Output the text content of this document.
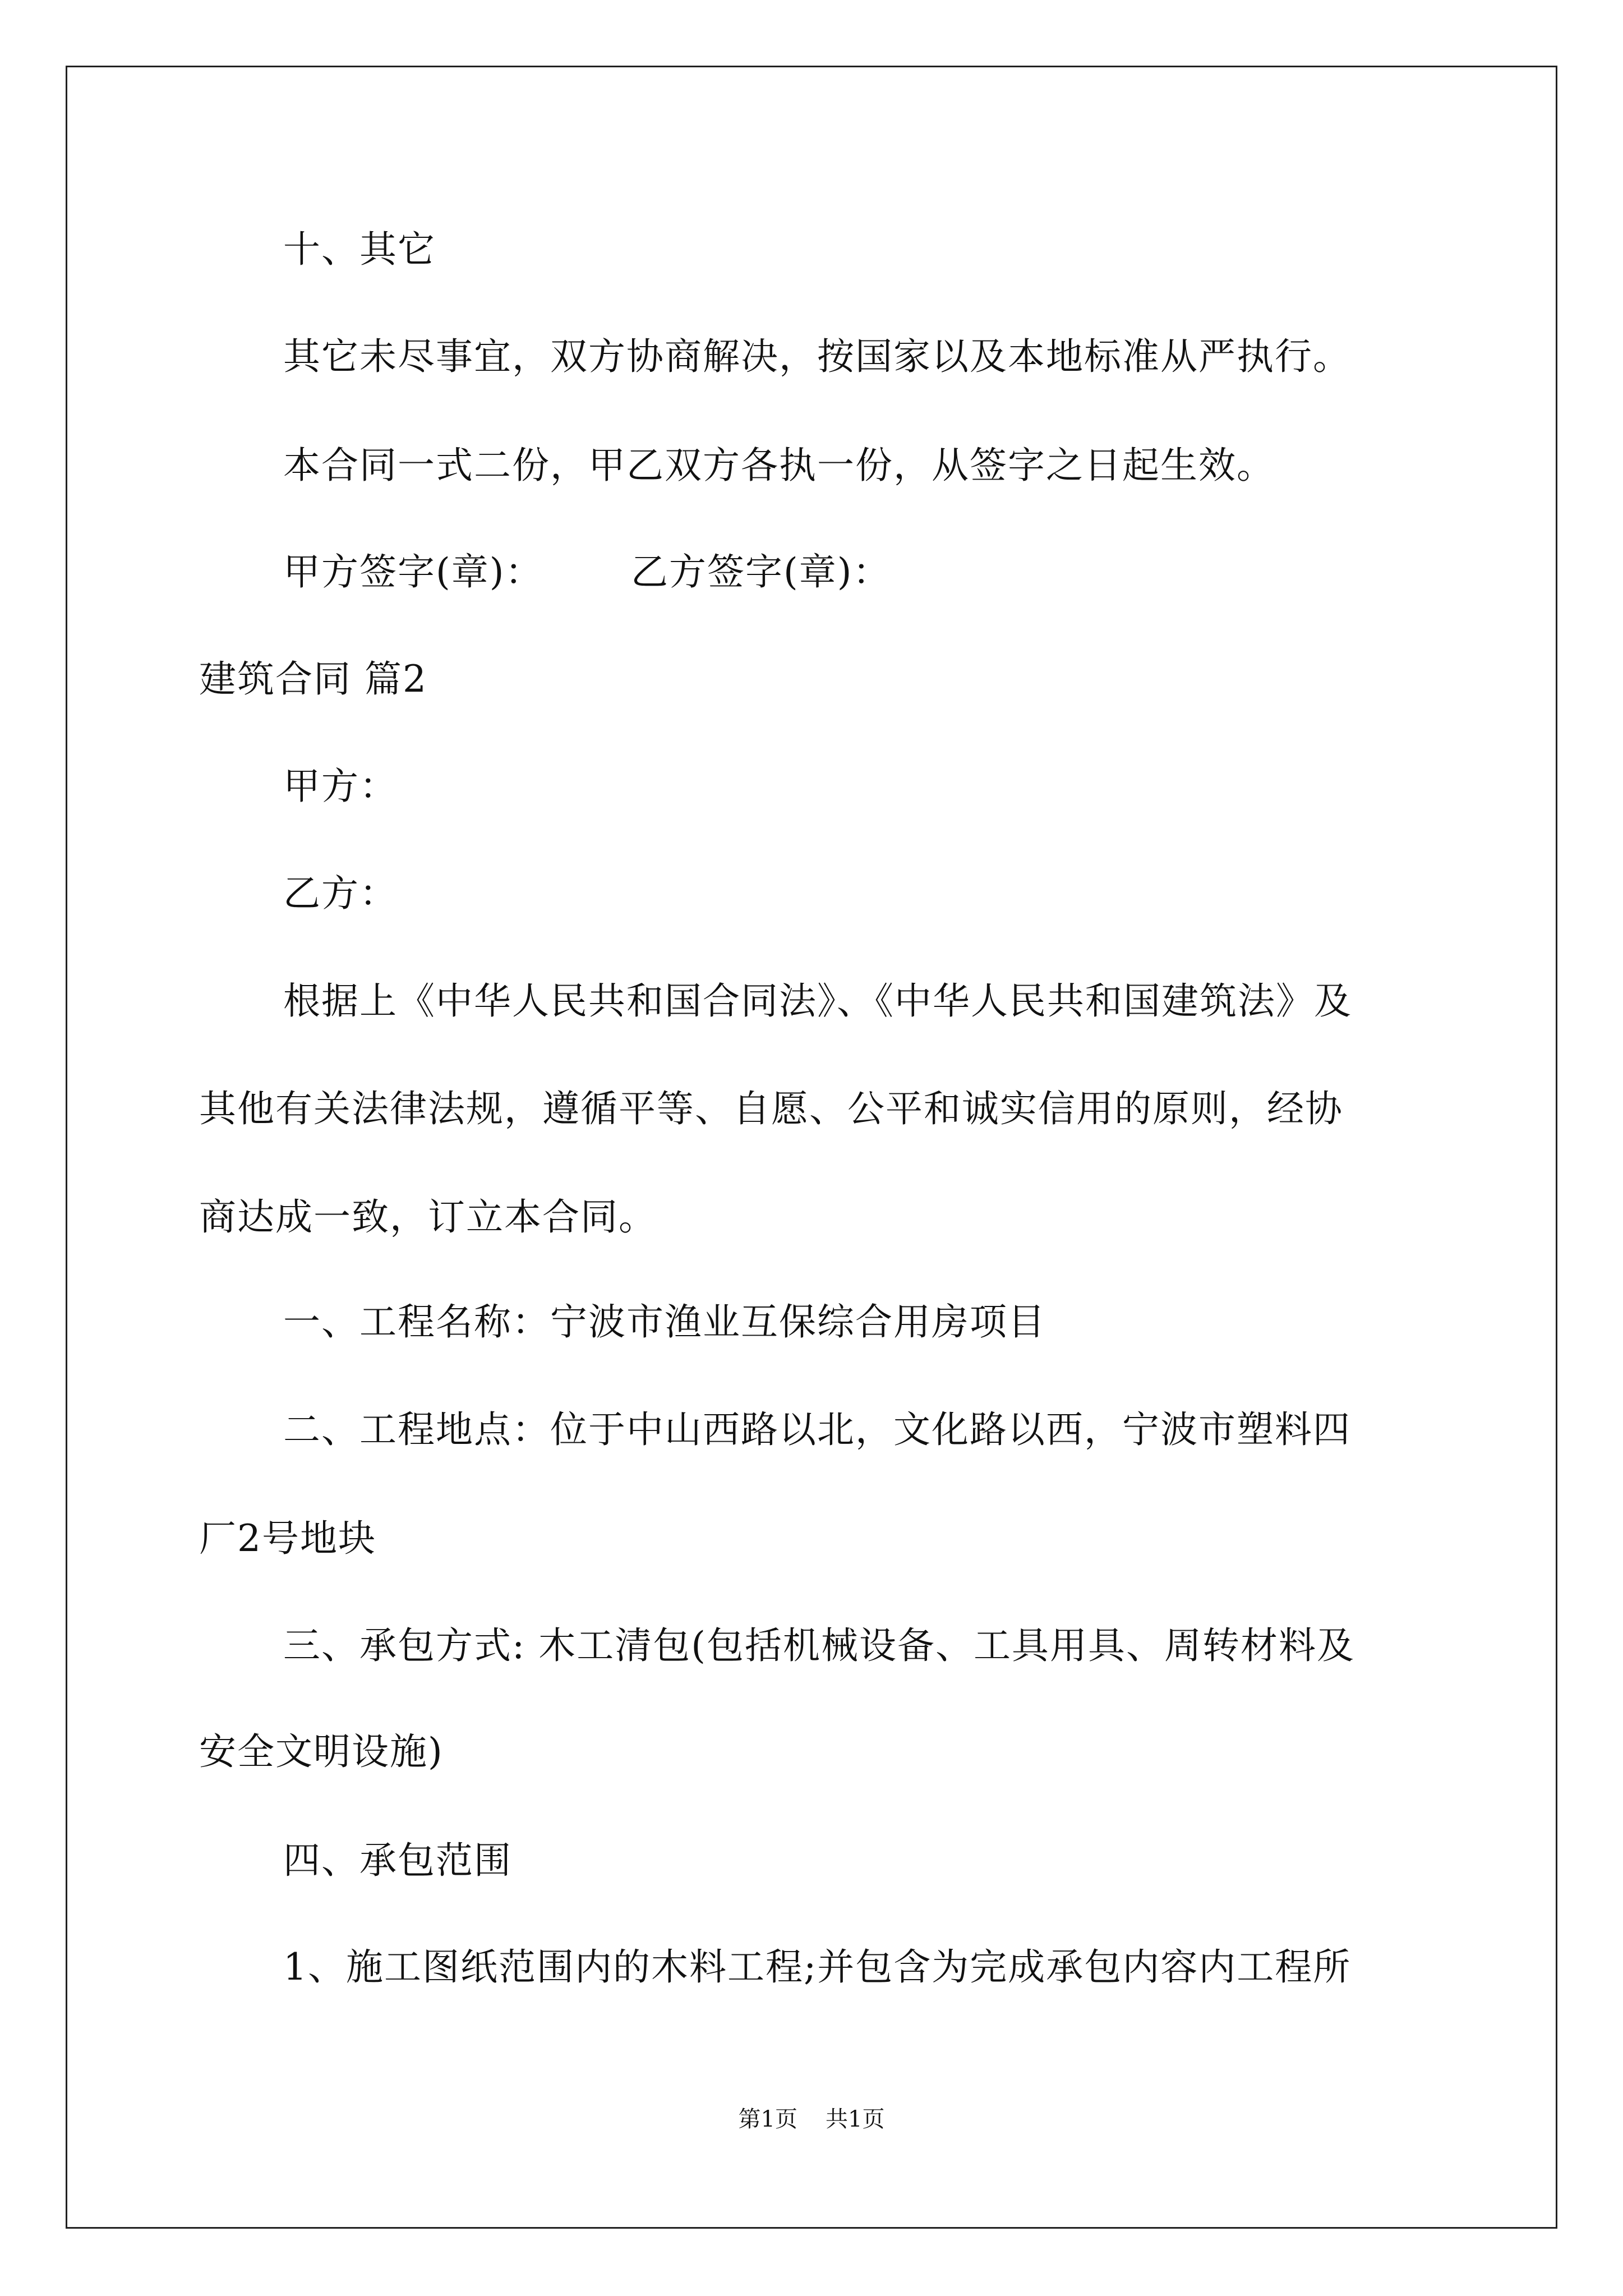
十、其它
其它未尽事宜，双方协商解决，按国家以及本地标准从严执行。
本合同一式二份，甲乙双方各执一份，从签字之日起生效。
甲方签字(章)： 乙方签字(章)：
建筑合同 篇2
甲方：
乙方：
根据上《中华人民共和国合同法》、《中华人民共和国建筑法》及
其他有关法律法规，遵循平等、自愿、公平和诚实信用的原则，经协
商达成一致，订立本合同。
一、工程名称：宁波市渔业互保综合用房项目
二、工程地点：位于中山西路以北，文化路以西，宁波市塑料四
厂2号地块
三、承包方式: 木工清包(包括机械设备、工具用具、周转材料及
安全文明设施)
四、承包范围
1、施工图纸范围内的木料工程;并包含为完成承包内容内工程所
第1页 共1页
